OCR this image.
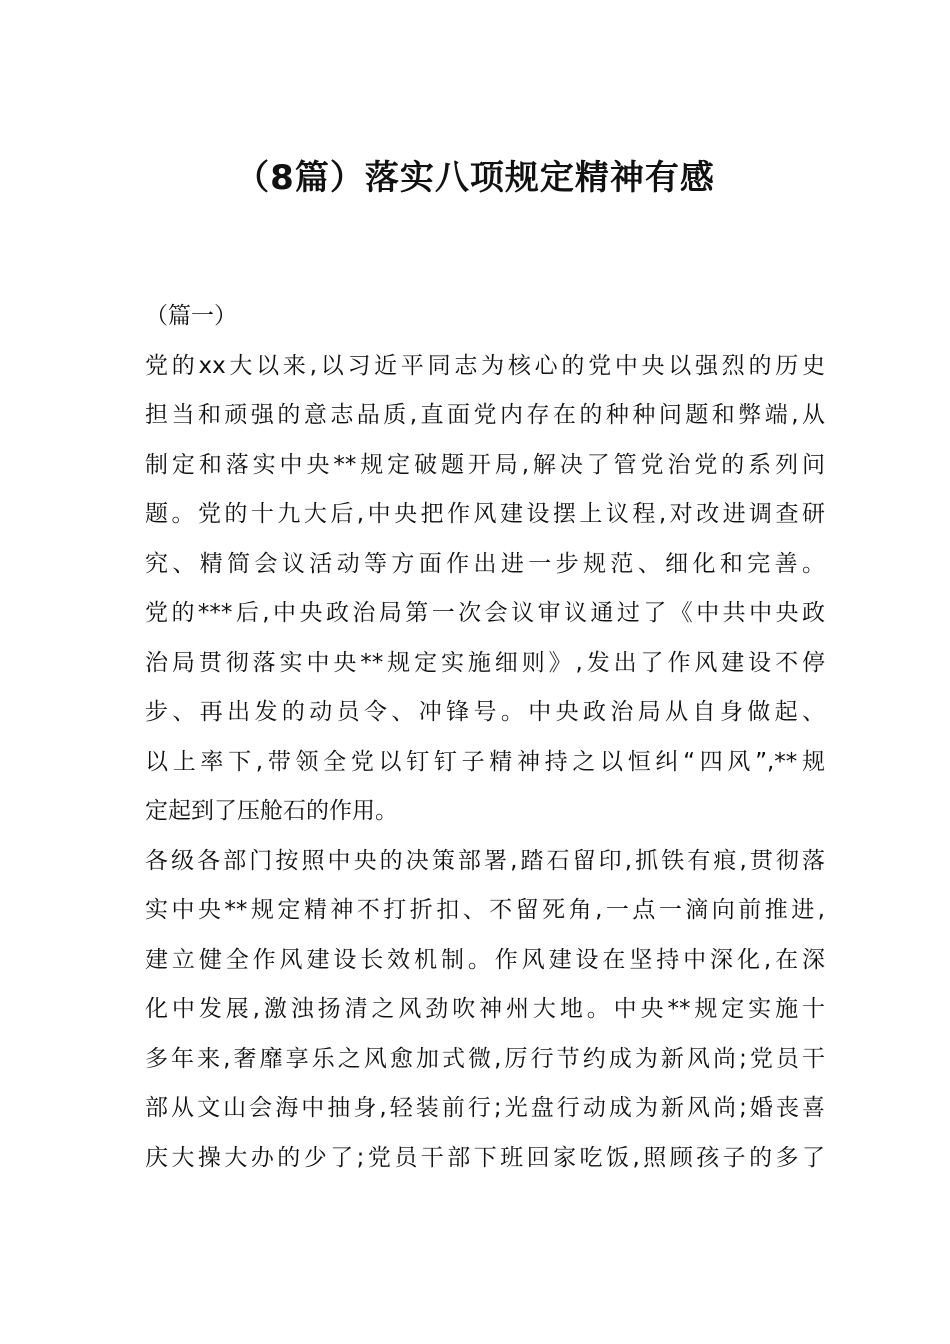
（8篇）落实八项规定精神有感

（篇一）

党的xx大以来,以习近平同志为核心的党中央以强烈的历史
担当和顽强的意志品质,直面党内存在的种种问题和弊端,从
制定和落实中央**规定破题开局,解决了管党治党的系列问
题。党的十九大后,中央把作风建设摆上议程,对改进调查研
究、精简会议活动等方面作出进一步规范、细化和完善。
党的***后,中央政治局第一次会议审议通过了《中共中央政
治局贯彻落实中央**规定实施细则》,发出了作风建设不停
步、再出发的动员令、冲锋号。中央政治局从自身做起、
以上率下,带领全党以钉钉子精神持之以恒纠“四风”,**规
定起到了压舱石的作用。
各级各部门按照中央的决策部署,踏石留印,抓铁有痕,贯彻落
实中央**规定精神不打折扣、不留死角,一点一滴向前推进,
建立健全作风建设长效机制。作风建设在坚持中深化,在深
化中发展,激浊扬清之风劲吹神州大地。中央**规定实施十
多年来,奢靡享乐之风愈加式微,厉行节约成为新风尚;党员干
部从文山会海中抽身,轻装前行;光盘行动成为新风尚;婚丧喜
庆大操大办的少了;党员干部下班回家吃饭,照顾孩子的多了
